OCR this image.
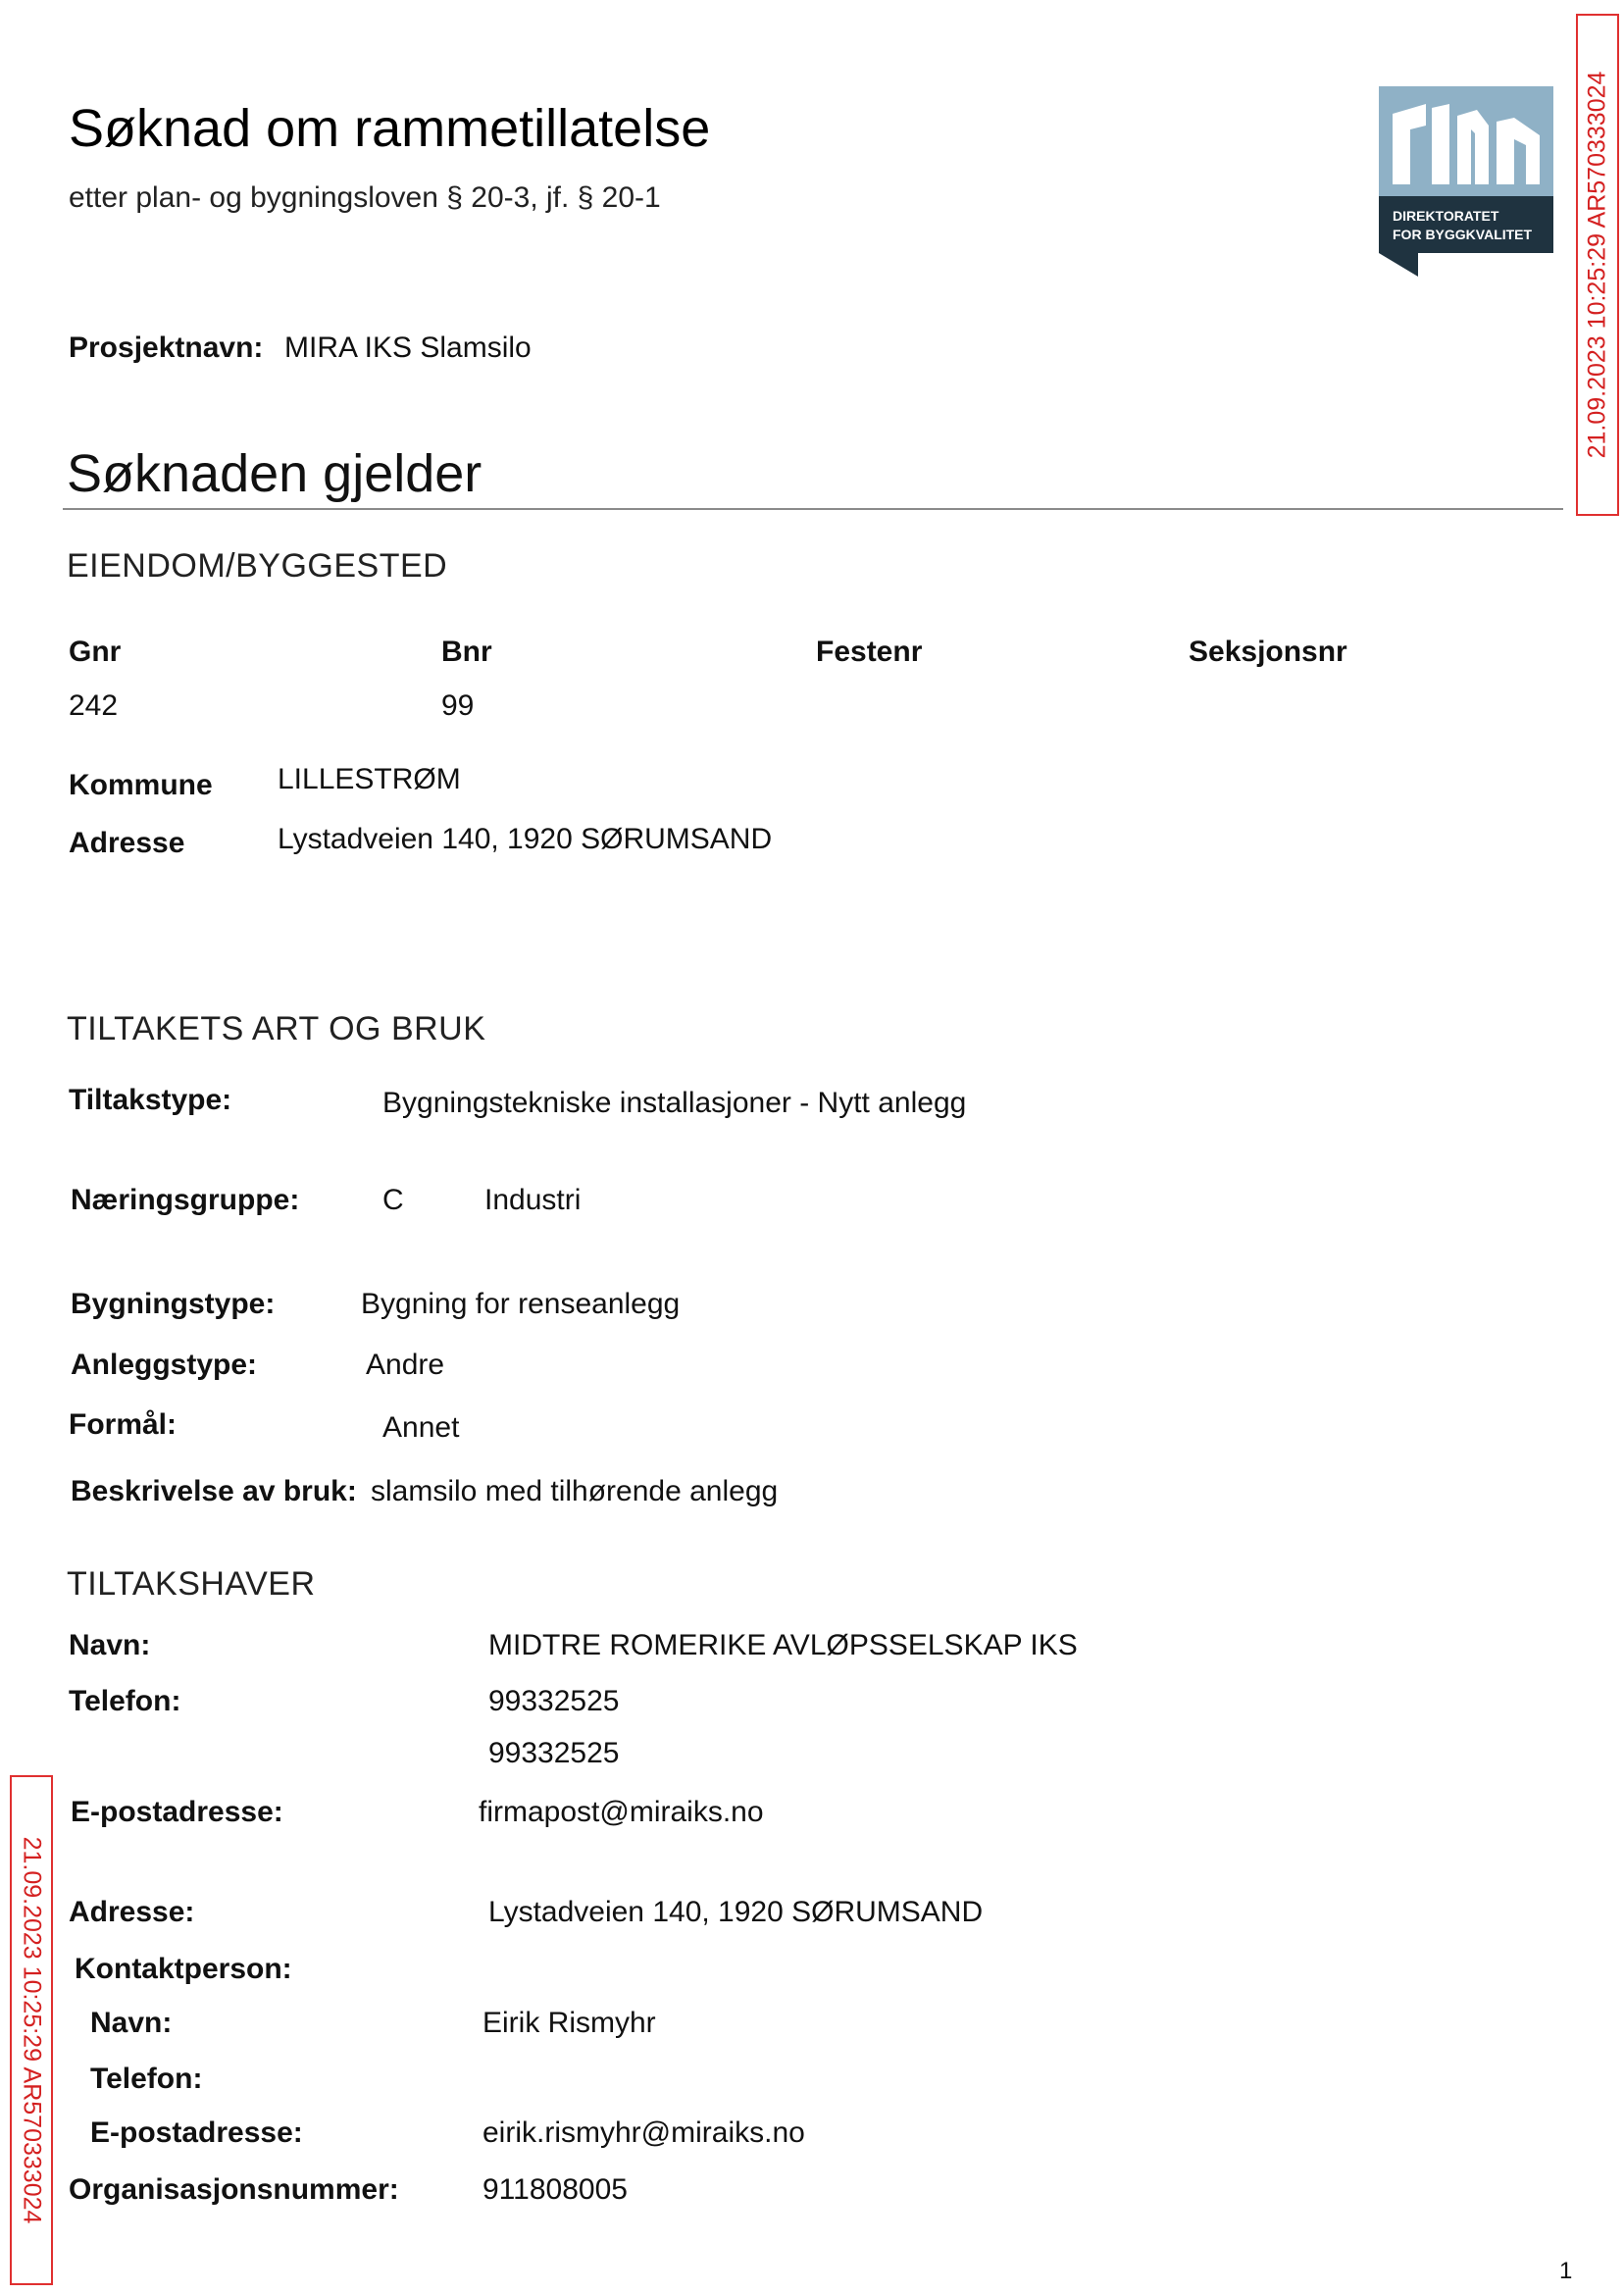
Søknad om rammetillatelse
etter plan- og bygningsloven § 20-3, jf. § 20-1
DIREKTORATET
FOR BYGGKVALITET 21.09.2023 10:25:29 AR570333024
Prosjektnavn: MIRA IKS Slamsilo
Søknaden gjelder
EIENDOM/BYGGESTED
Gnr	Bnr	Festenr	Seksjonsnr
242	99
Kommune LILLESTRØM
Adresse	Lystadveien 140, 1920 SØRUMSAND
TILTAKETS ART OG BRUK
Tiltakstype:	Bygningstekniske installasjoner - Nytt anlegg
Næringsgruppe:	C	Industri
Bygningstype:	Bygning for renseanlegg
Anleggstype:	Andre
Formål:	Annet
Beskrivelse av bruk: slamsilo med tilhørende anlegg
TILTAKSHAVER
Navn:	MIDTRE ROMERIKE AVLØPSSELSKAP IKS
Telefon:	99332525
99332525
E-postadresse:	firmapost@miraiks.no
Adresse:	Lystadveien 140, 1920 SØRUMSAND
Kontaktperson:
Navn:	Eirik Rismyhr
Telefon:
E-postadresse:	eirik.rismyhr@miraiks.no
Organisasjonsnummer:	911808005
21.09.2023 10:25:29 AR570333024
1
